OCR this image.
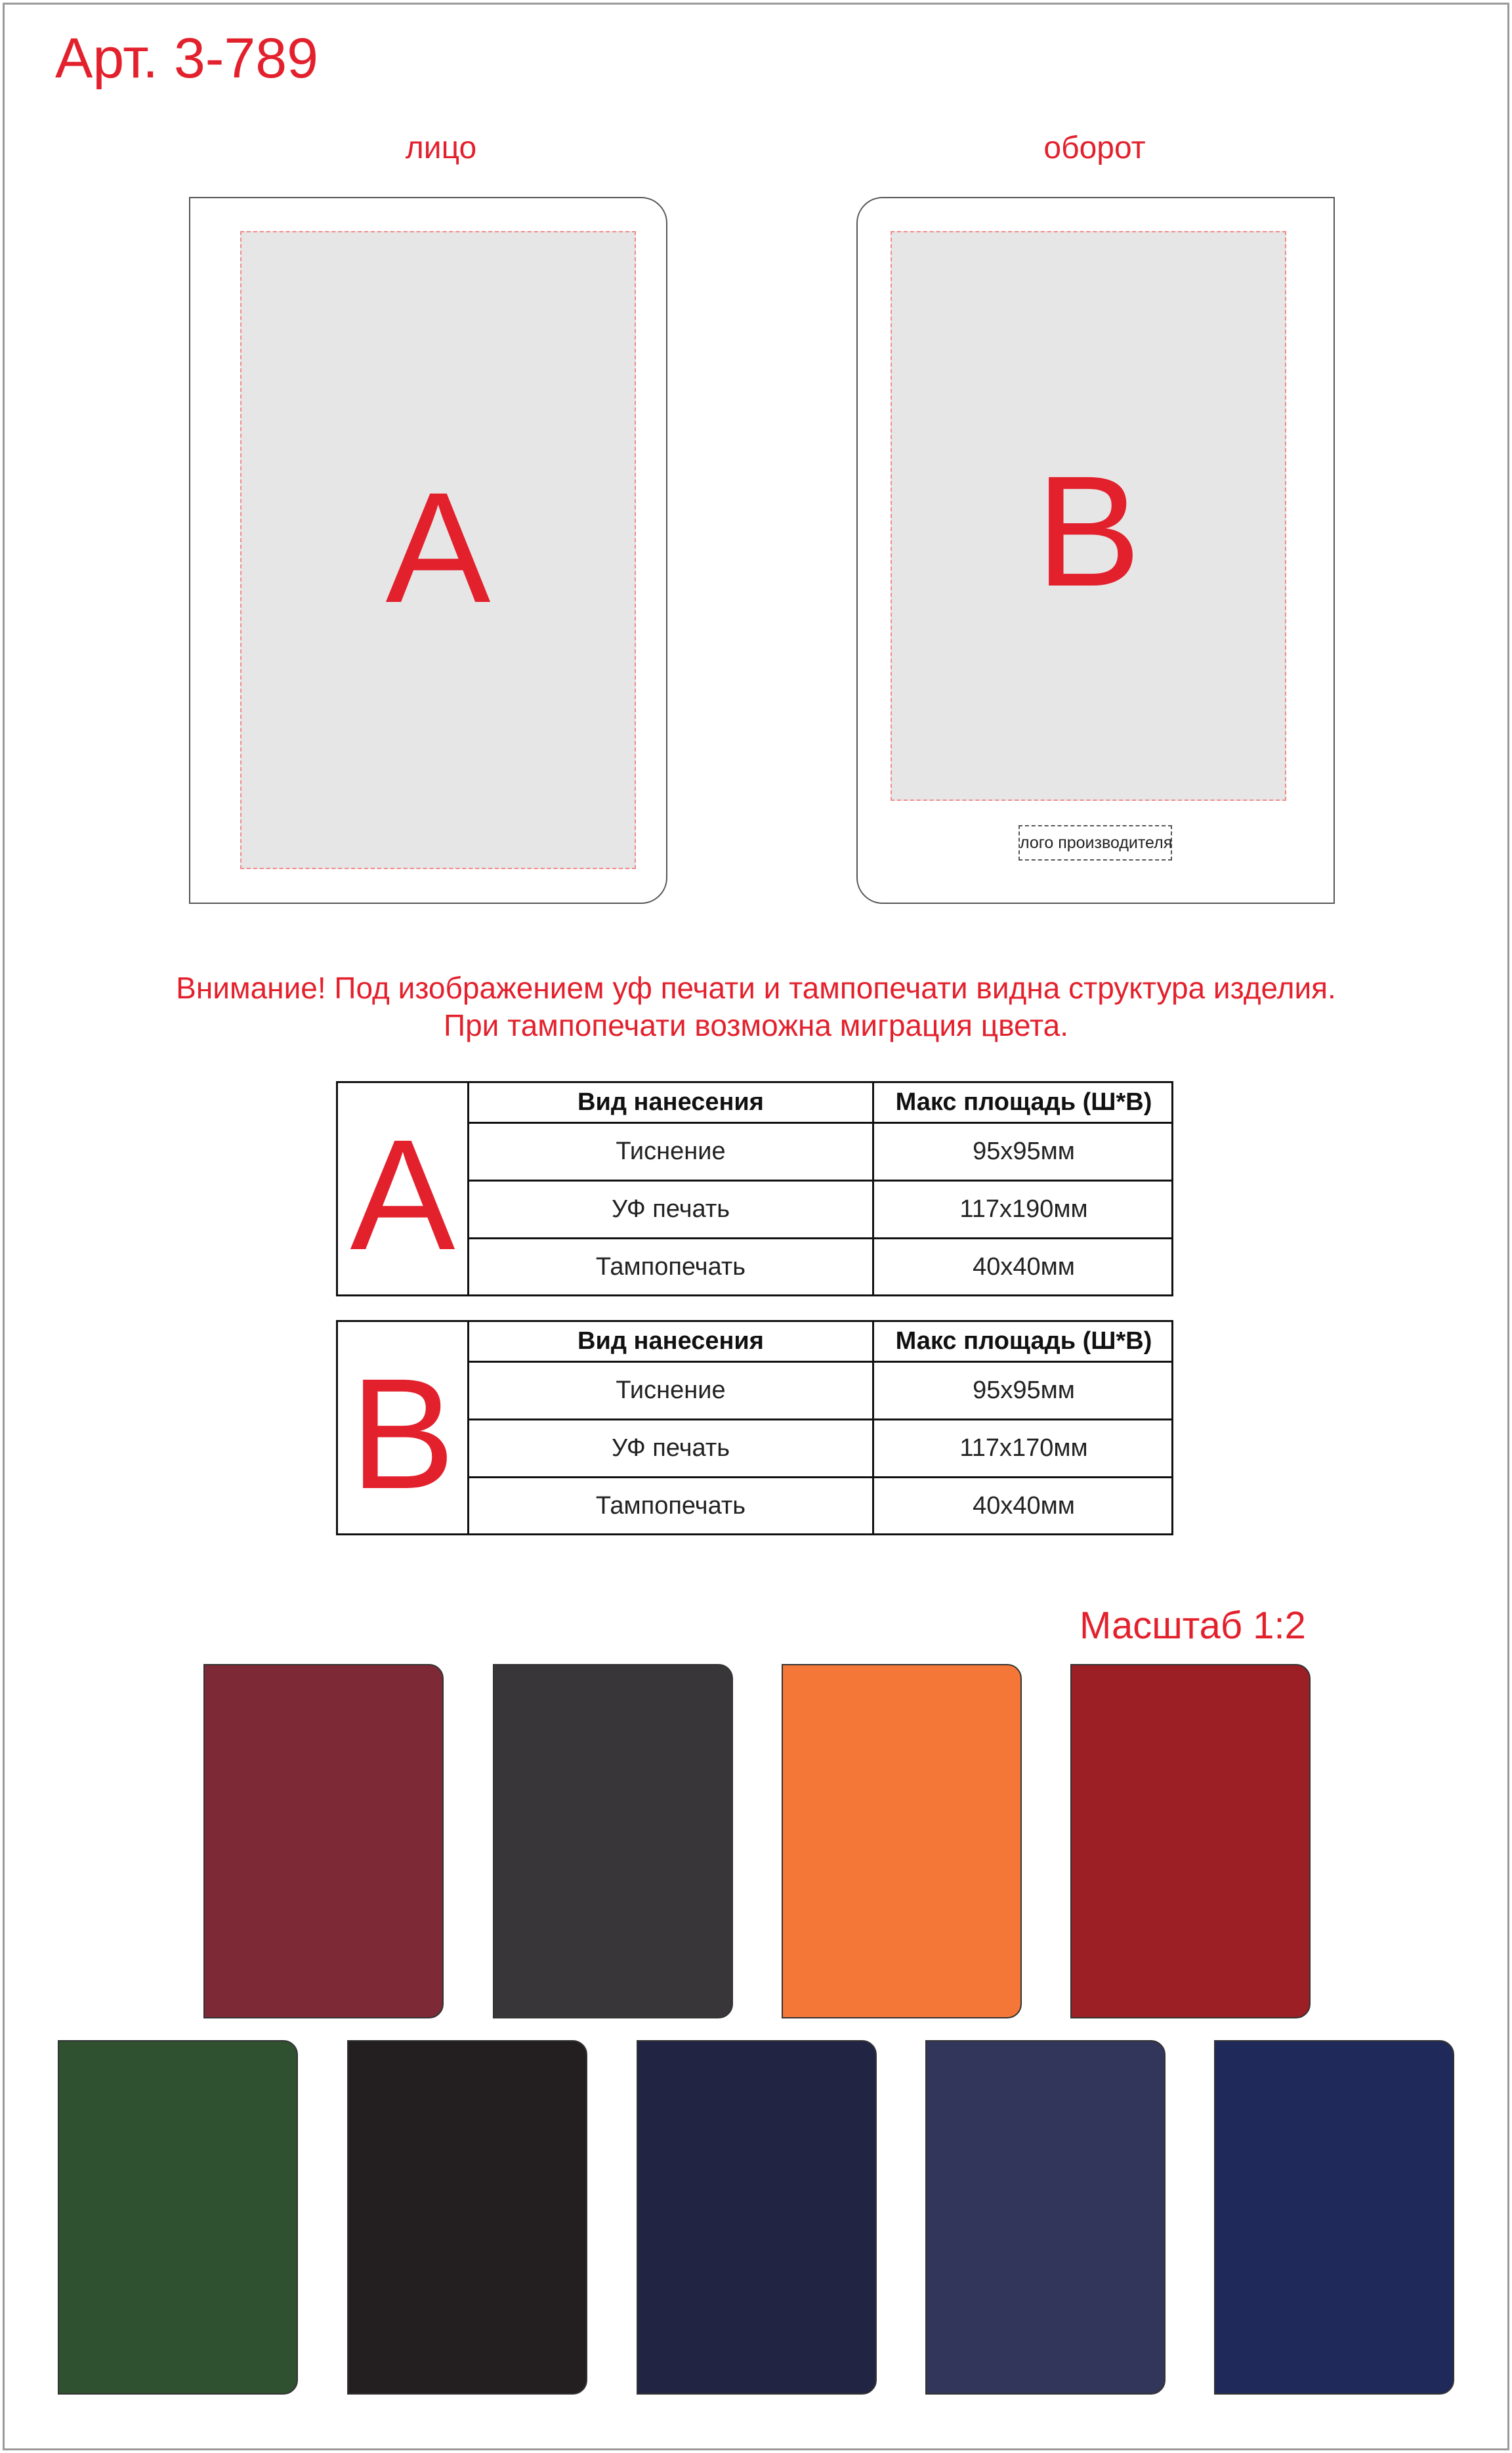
Арт. 3-789
лицо	оборот
A	B
лого производителя
Внимание! Под изображением уф печати и тампопечати видна структура изделия.
При тампопечати возможна миграция цвета.
A
Вид нанесения	Макс площадь (Ш*В)
Тиснение	95х95мм
УФ печать	117х190мм
Тампопечать	40х40мм
B
Вид нанесения	Макс площадь (Ш*В)
Тиснение	95х95мм
УФ печать	117х170мм
Тампопечать	40х40мм
Масштаб 1:2
